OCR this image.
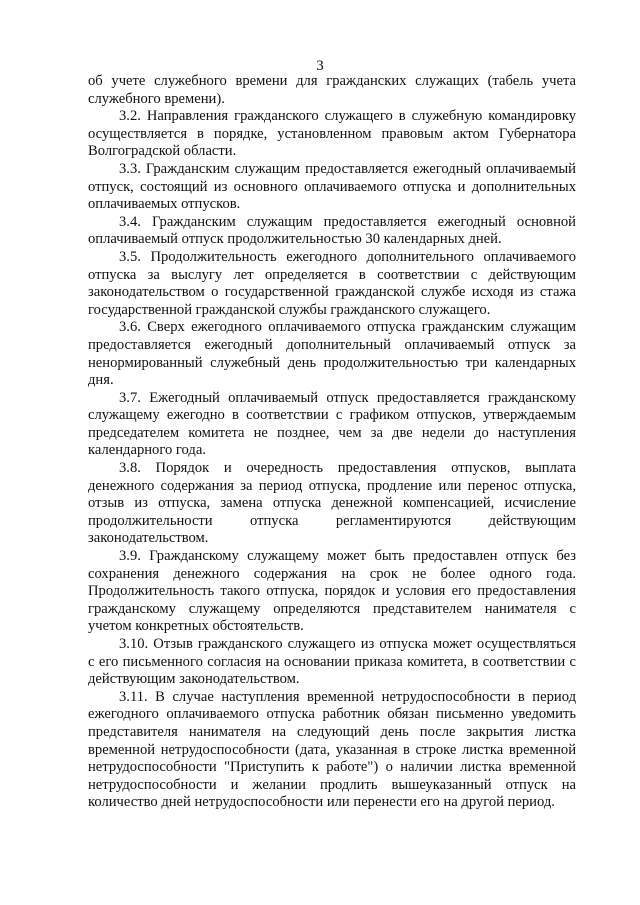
3

об учете служебного времени для гражданских служащих (табель учета служебного времени).

3.2. Направления гражданского служащего в служебную командировку осуществляется в порядке, установленном правовым актом Губернатора Волгоградской области.

3.3. Гражданским служащим предоставляется ежегодный оплачиваемый отпуск, состоящий из основного оплачиваемого отпуска и дополнительных оплачиваемых отпусков.

3.4. Гражданским служащим предоставляется ежегодный основной оплачиваемый отпуск продолжительностью 30 календарных дней.

3.5. Продолжительность ежегодного дополнительного оплачиваемого отпуска за выслугу лет определяется в соответствии с действующим законодательством о государственной гражданской службе исходя из стажа государственной гражданской службы гражданского служащего.

3.6. Сверх ежегодного оплачиваемого отпуска гражданским служащим предоставляется ежегодный дополнительный оплачиваемый отпуск за ненормированный служебный день продолжительностью три календарных дня.

3.7. Ежегодный оплачиваемый отпуск предоставляется гражданскому служащему ежегодно в соответствии с графиком отпусков, утверждаемым председателем комитета не позднее, чем за две недели до наступления календарного года.

3.8. Порядок и очередность предоставления отпусков, выплата денежного содержания за период отпуска, продление или перенос отпуска, отзыв из отпуска, замена отпуска денежной компенсацией, исчисление продолжительности отпуска регламентируются действующим законодательством.

3.9. Гражданскому служащему может быть предоставлен отпуск без сохранения денежного содержания на срок не более одного года. Продолжительность такого отпуска, порядок и условия его предоставления гражданскому служащему определяются представителем нанимателя с учетом конкретных обстоятельств.

3.10. Отзыв гражданского служащего из отпуска может осуществляться с его письменного согласия на основании приказа комитета, в соответствии с действующим законодательством.

3.11. В случае наступления временной нетрудоспособности в период ежегодного оплачиваемого отпуска работник обязан письменно уведомить представителя нанимателя на следующий день после закрытия листка временной нетрудоспособности (дата, указанная в строке листка временной нетрудоспособности "Приступить к работе") о наличии листка временной нетрудоспособности и желании продлить вышеуказанный отпуск на количество дней нетрудоспособности или перенести его на другой период.
